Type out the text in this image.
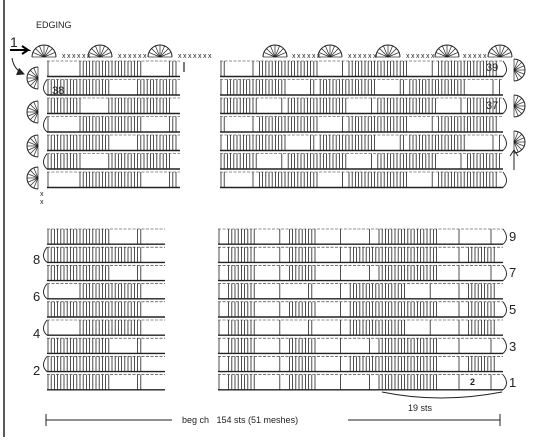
EDGING
1
x x x x x x	x x x x x x	x x x x x x x	x x x x x x	x x x x x x	x x x x x x	x x x x x
x
x
38
39
37
9
7
5
3
1
8
6
4
2
2
19 sts
beg ch   154 sts (51 meshes)
